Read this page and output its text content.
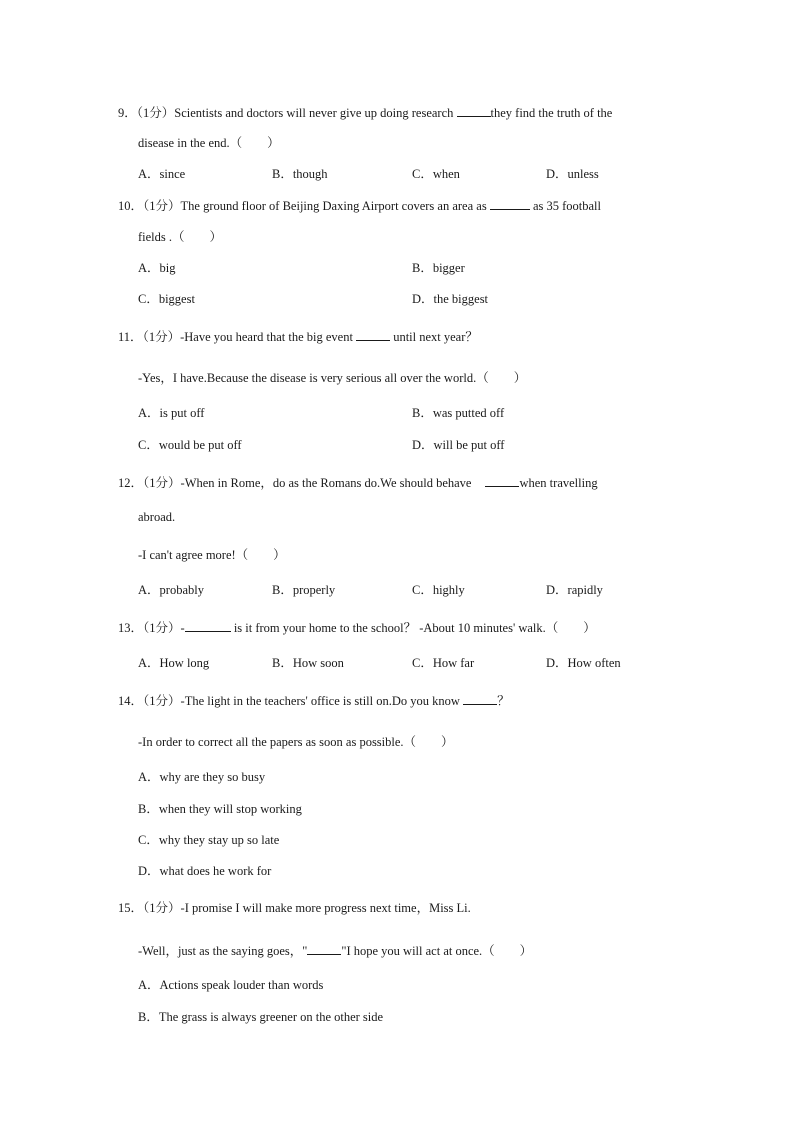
9．（1分）Scientists and doctors will never give up doing research	they find the truth of the
disease in the end.（　　）
A．since	B．though	C．when	D．unless
10．（1分）The ground floor of Beijing Daxing Airport covers an area as	as 35 football
fields .（　　）
A．big	B．bigger
C．biggest	D．the biggest
11．（1分）-Have you heard that the big event	until next year？
-Yes，I have.Because the disease is very serious all over the world.（　　）
A．is put off	B．was putted off
C．would be put off	D．will be put off
12．（1分）-When in Rome，do as the Romans do.We should behave	when travelling
abroad.
-I can't agree more!（　　）
A．probably	B．properly	C．highly	D．rapidly
13．（1分）-	is it from your home to the school？ -About 10 minutes' walk.（　　）
A．How long	B．How soon	C．How far	D．How often
14．（1分）-The light in the teachers' office is still on.Do you know	？
-In order to correct all the papers as soon as possible.（　　）
A．why are they so busy
B．when they will stop working
C．why they stay up so late
D．what does he work for
15．（1分）-I promise I will make more progress next time，Miss Li.
-Well，just as the saying goes，"	"I hope you will act at once.（　　）
A．Actions speak louder than words
B．The grass is always greener on the other side
